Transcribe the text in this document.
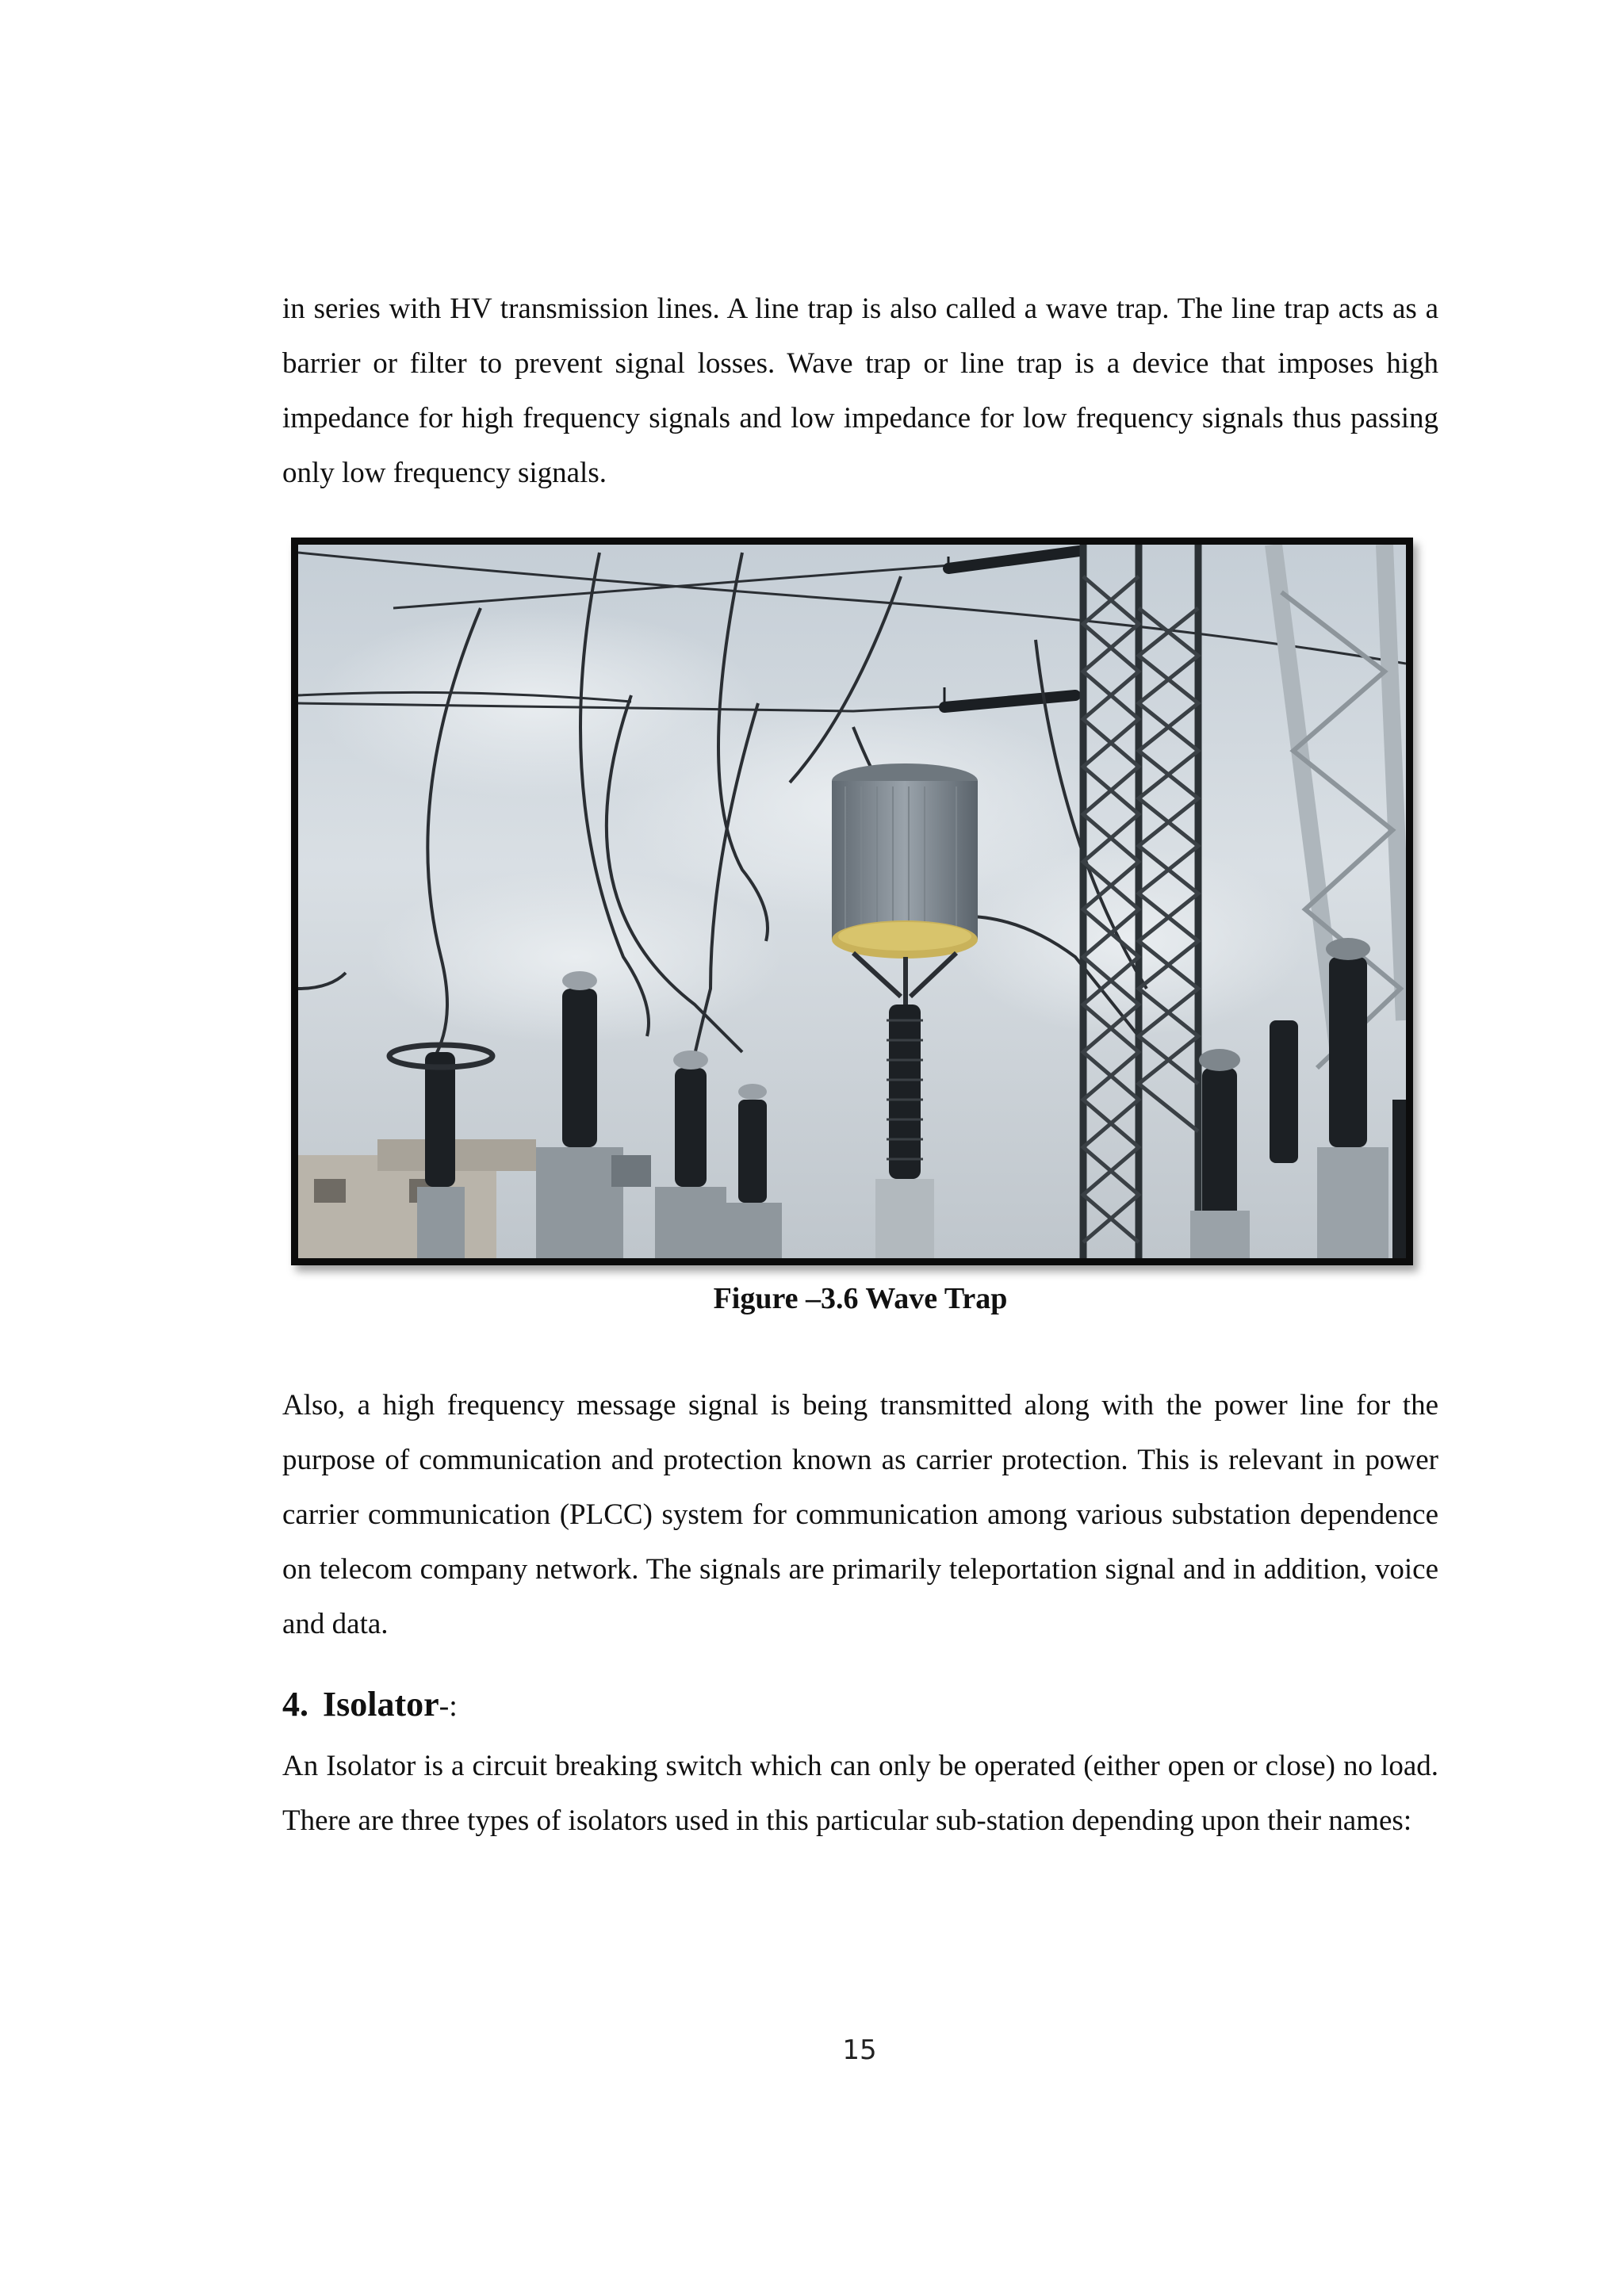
in series with HV transmission lines. A line trap is also called a wave trap. The line trap acts as a barrier or filter to prevent signal losses. Wave trap or line trap is a device that imposes high impedance for high frequency signals and low impedance for low frequency signals thus passing only low frequency signals.

Figure –3.6 Wave Trap

Also, a high frequency message signal is being transmitted along with the power line for the purpose of communication and protection known as carrier protection. This is relevant in power carrier communication (PLCC) system for communication among various substation dependence on telecom company network. The signals are primarily teleportation signal and in addition, voice and data.

4. Isolator-:

An Isolator is a circuit breaking switch which can only be operated (either open or close) no load. There are three types of isolators used in this particular sub-station depending upon their names:

15
